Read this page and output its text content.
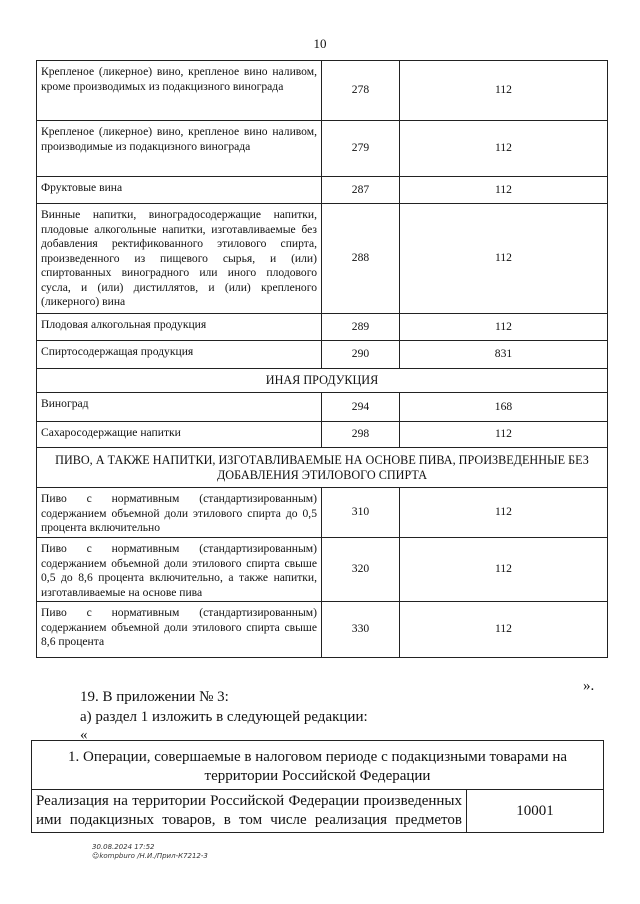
10
Крепленое (ликерное) вино, крепленое вино наливом, кроме производимых из подакцизного винограда	278	112
Крепленое (ликерное) вино, крепленое вино наливом, производимые из подакцизного винограда	279	112
Фруктовые вина	287	112
Винные напитки, виноградосодержащие напитки, плодовые алкогольные напитки, изготавливаемые без добавления ректификованного этилового спирта, произведенного из пищевого сырья, и (или) спиртованных виноградного или иного плодового сусла, и (или) дистиллятов, и (или) крепленого (ликерного) вина	288	112
Плодовая алкогольная продукция	289	112
Спиртосодержащая продукция	290	831
ИНАЯ ПРОДУКЦИЯ		
Виноград	294	168
Сахаросодержащие напитки	298	112
ПИВО, А ТАКЖЕ НАПИТКИ, ИЗГОТАВЛИВАЕМЫЕ НА ОСНОВЕ ПИВА, ПРОИЗВЕДЕННЫЕ БЕЗ ДОБАВЛЕНИЯ ЭТИЛОВОГО СПИРТА		
Пиво с нормативным (стандартизированным) содержанием объемной доли этилового спирта до 0,5 процента включительно	310	112
Пиво с нормативным (стандартизированным) содержанием объемной доли этилового спирта свыше 0,5 до 8,6 процента включительно, а также напитки, изготавливаемые на основе пива	320	112
Пиво с нормативным (стандартизированным) содержанием объемной доли этилового спирта свыше 8,6 процента	330	112
».
19. В приложении № 3:
а) раздел 1 изложить в следующей редакции:
«
1. Операции, совершаемые в налоговом периоде с подакцизными товарами на территории Российской Федерации
Реализация на территории Российской Федерации произведенных ими подакцизных товаров, в том числе реализация предметов	10001
30.08.2024 17:52
☺kompburo /Н.И./Прил-К7212-3
